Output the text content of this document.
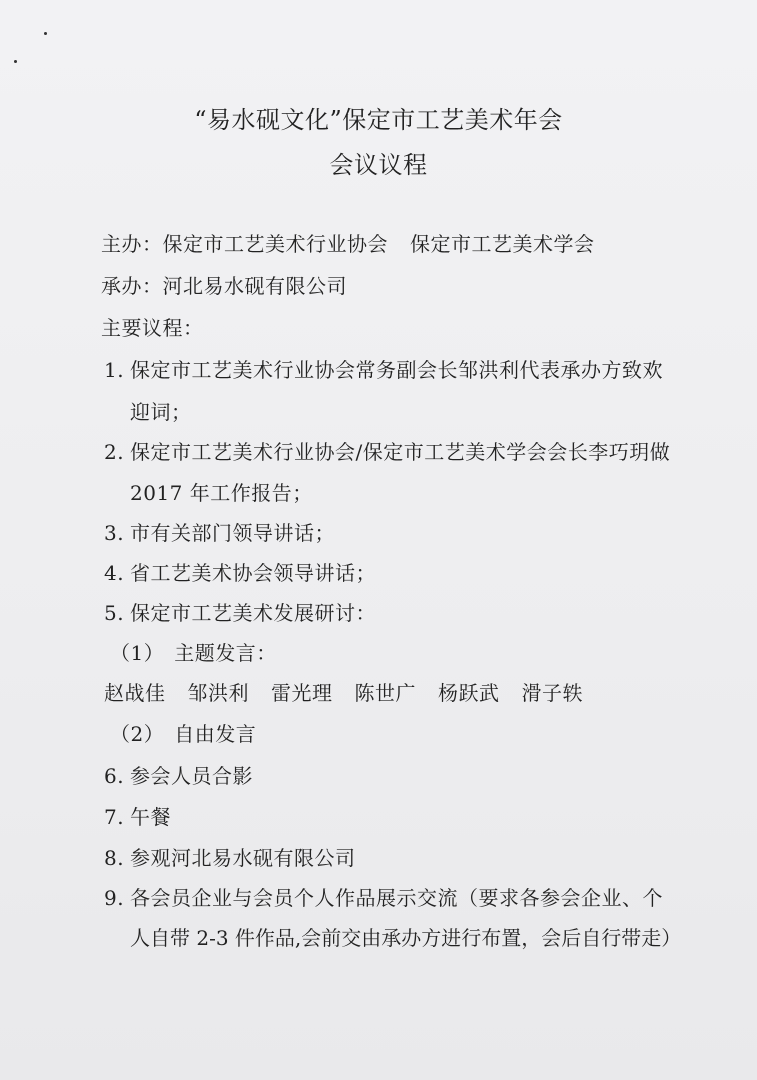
“易水砚文化”保定市工艺美术年会
会议议程
主办：保定市工艺美术行业协会 保定市工艺美术学会
承办：河北易水砚有限公司
主要议程：
1. 保定市工艺美术行业协会常务副会长邹洪利代表承办方致欢
迎词；
2. 保定市工艺美术行业协会/保定市工艺美术学会会长李巧玥做
2017 年工作报告；
3. 市有关部门领导讲话；
4. 省工艺美术协会领导讲话；
5. 保定市工艺美术发展研讨：
（1） 主题发言：
赵战佳 邹洪利 雷光理 陈世广 杨跃武 滑子轶
（2） 自由发言
6. 参会人员合影
7. 午餐
8. 参观河北易水砚有限公司
9. 各会员企业与会员个人作品展示交流（要求各参会企业、个
人自带 2-3 件作品,会前交由承办方进行布置，会后自行带走）
